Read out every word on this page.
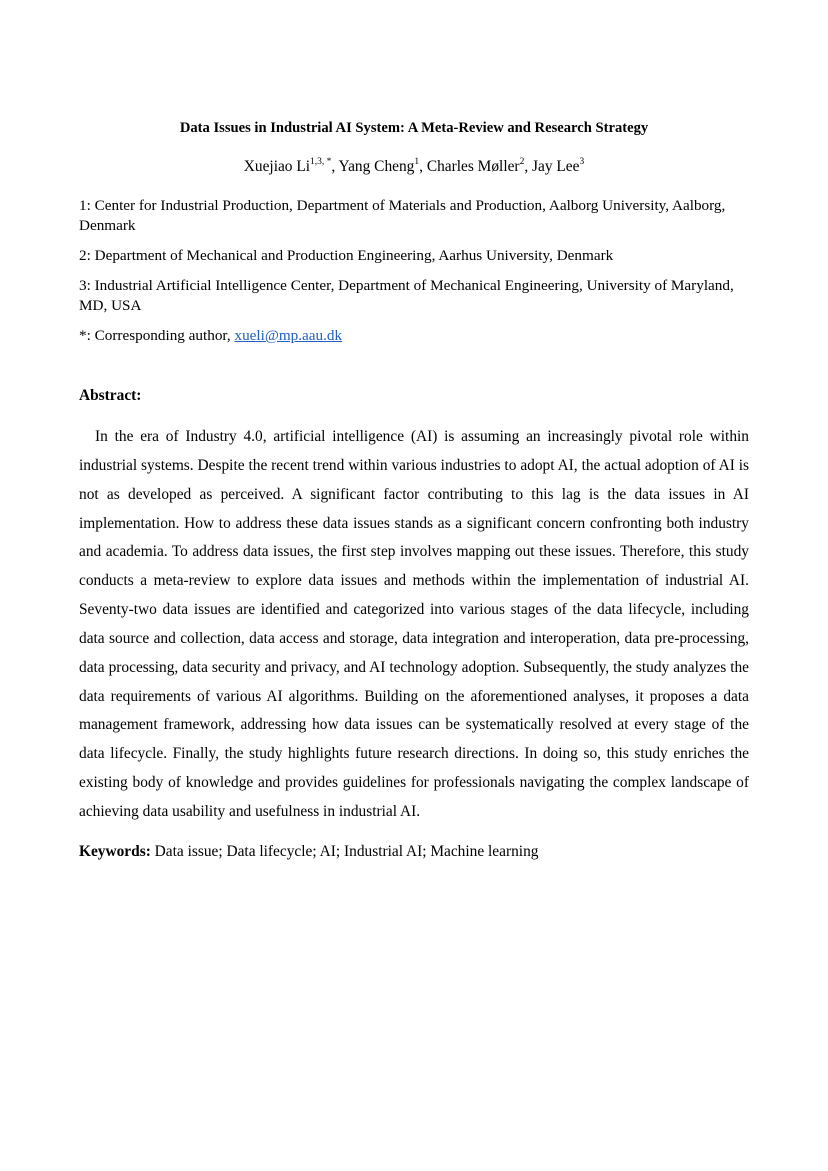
Data Issues in Industrial AI System: A Meta-Review and Research Strategy
Xuejiao $Li^{1,3, *}$, Yang Cheng$^1$, Charles Møller$^2$, Jay Lee$^3$
1: Center for Industrial Production, Department of Materials and Production, Aalborg University, Aalborg, Denmark
2: Department of Mechanical and Production Engineering, Aarhus University, Denmark
3: Industrial Artificial Intelligence Center, Department of Mechanical Engineering, University of Maryland, MD, USA
*: Corresponding author, xueli@mp.aau.dk
Abstract:

In the era of Industry 4.0, artificial intelligence (AI) is assuming an increasingly pivotal role within industrial systems. Despite the recent trend within various industries to adopt AI, the actual adoption of AI is not as developed as perceived. A significant factor contributing to this lag is the data issues in AI implementation. How to address these data issues stands as a significant concern confronting both industry and academia. To address data issues, the first step involves mapping out these issues. Therefore, this study conducts a meta-review to explore data issues and methods within the implementation of industrial AI. Seventy-two data issues are identified and categorized into various stages of the data lifecycle, including data source and collection, data access and storage, data integration and interoperation, data pre-processing, data processing, data security and privacy, and AI technology adoption. Subsequently, the study analyzes the data requirements of various AI algorithms. Building on the aforementioned analyses, it proposes a data management framework, addressing how data issues can be systematically resolved at every stage of the data lifecycle. Finally, the study highlights future research directions. In doing so, this study enriches the existing body of knowledge and provides guidelines for professionals navigating the complex landscape of achieving data usability and usefulness in industrial AI.

Keywords: Data issue; Data lifecycle; AI; Industrial AI; Machine learning
